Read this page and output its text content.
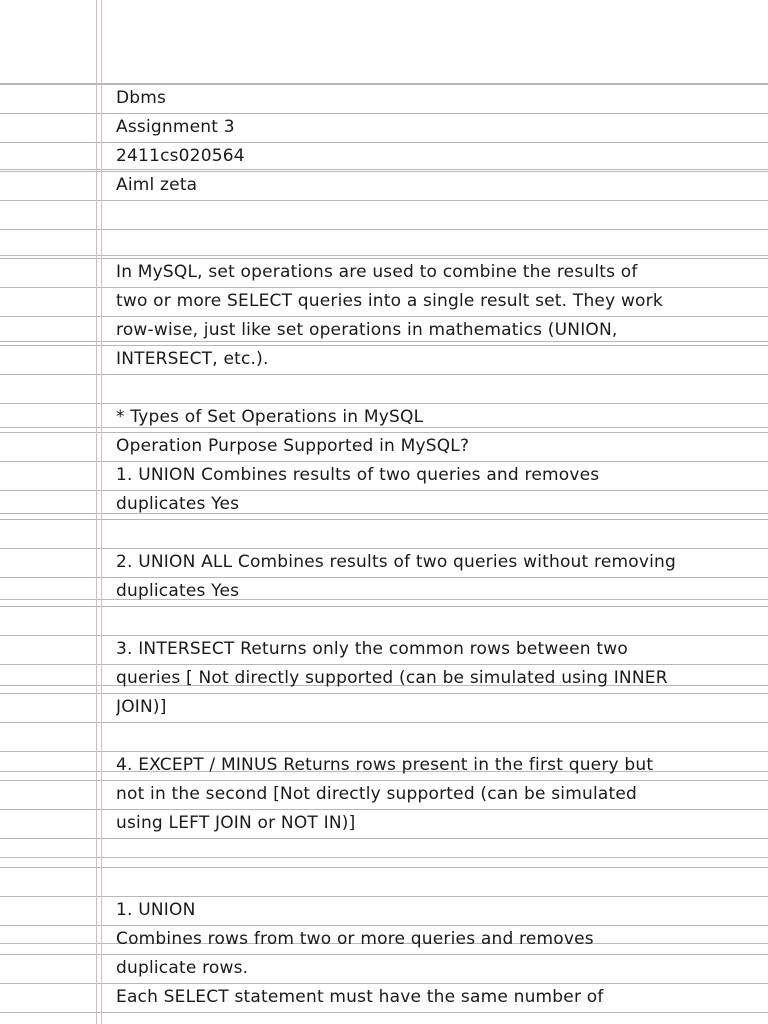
Dbms
Assignment 3
2411cs020564
Aiml zeta
In MySQL, set operations are used to combine the results of
two or more SELECT queries into a single result set. They work
row-wise, just like set operations in mathematics (UNION,
INTERSECT, etc.).
* Types of Set Operations in MySQL
Operation Purpose Supported in MySQL?
1. UNION Combines results of two queries and removes
duplicates Yes
2. UNION ALL Combines results of two queries without removing
duplicates Yes
3. INTERSECT Returns only the common rows between two
queries [ Not directly supported (can be simulated using INNER
JOIN)]
4. EXCEPT / MINUS Returns rows present in the first query but
not in the second [Not directly supported (can be simulated
using LEFT JOIN or NOT IN)]
1. UNION
Combines rows from two or more queries and removes
duplicate rows.
Each SELECT statement must have the same number of
